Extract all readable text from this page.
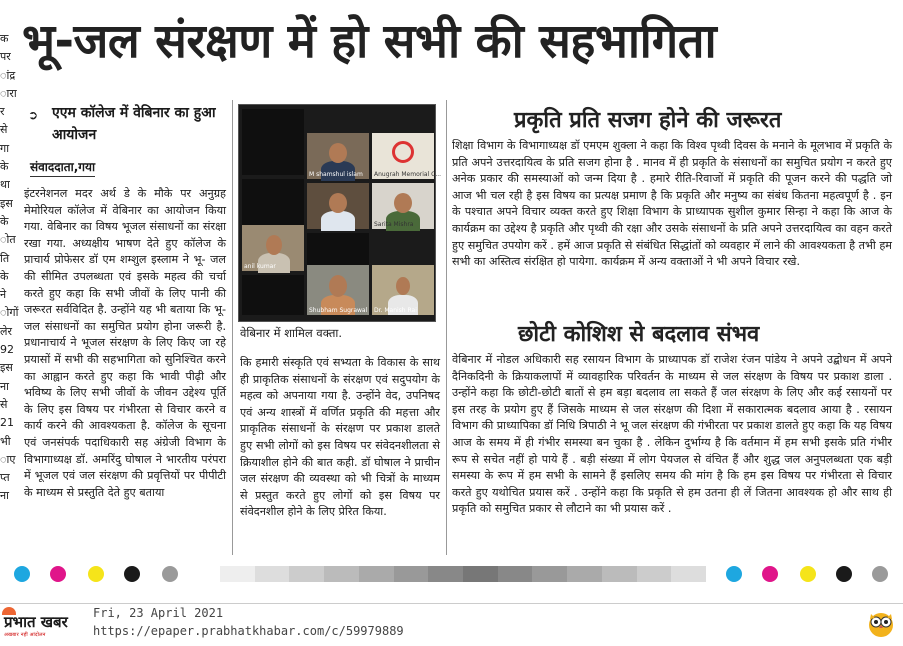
क
पर
ांद्र
ारा
र
से
गा
के
था
इस
के
ोत
ति
के
ने
ोगों
लेर
92
इस
ना
से
21
भी
ाए
प्त
ना
भू-जल संरक्षण में हो सभी की सहभागिता
➲ एएम कॉलेज में वेबिनार का हुआ आयोजन
संवाददाता,गया
इंटरनेशनल मदर अर्थ डे के मौके पर अनुग्रह मेमोरियल कॉलेज में वेबिनार का आयोजन किया गया. वेबिनार का विषय भूजल संसाधनों का संरक्षा रखा गया. अध्यक्षीय भाषण देते हुए कॉलेज के प्राचार्य प्रोफेसर डॉ एम शम्शुल इस्लाम ने भू- जल की सीमित उपलब्धता एवं इसके महत्व की चर्चा करते हुए कहा कि सभी जीवों के लिए पानी की जरूरत सर्वविदित है. उन्होंने यह भी बताया कि भू-जल संसाधनों का समुचित प्रयोग होना जरूरी है. प्रधानाचार्य ने भूजल संरक्षण के लिए किए जा रहे प्रयासों में सभी की सहभागिता को सुनिश्चित करने का आह्वान करते हुए कहा कि भावी पीढ़ी और भविष्य के लिए सभी जीवों के जीवन उद्देश्य पूर्ति के लिए इस विषय पर गंभीरता से विचार करने व कार्य करने की आवश्यकता है. कॉलेज के सूचना एवं जनसंपर्क पदाधिकारी सह अंग्रेजी विभाग के विभागाध्यक्ष डॉ. अमरिंदु घोषाल ने भारतीय परंपरा में भूजल एवं जल संरक्षण की प्रवृत्तियों पर पीपीटी के माध्यम से प्रस्तुति देते हुए बताया
M shamshul islam Anugrah Memorial C...
anil kumar
Sarita Mishra
Shubham Sugrawal Dr. Manish Rai
वेबिनार में शामिल वक्ता.
कि हमारी संस्कृति एवं सभ्यता के विकास के साथ ही प्राकृतिक संसाधनों के संरक्षण एवं सदुपयोग के महत्व को अपनाया गया है. उन्होंने वेद, उपनिषद एवं अन्य शास्त्रों में वर्णित प्रकृति की महत्ता और प्राकृतिक संसाधनों के संरक्षण पर प्रकाश डालते हुए सभी लोगों को इस विषय पर संवेदनशीलता से क्रियाशील होने की बात कही. डॉ घोषाल ने प्राचीन जल संरक्षण की व्यवस्था को भी चित्रों के माध्यम से प्रस्तुत करते हुए लोगों को इस विषय पर संवेदनशील होने के लिए प्रेरित किया.
प्रकृति प्रति सजग होने की जरूरत
शिक्षा विभाग के विभागाध्यक्ष डॉ एमएम शुक्ला ने कहा कि विश्व पृथ्वी दिवस के मनाने के मूलभाव में प्रकृति के प्रति अपने उत्तरदायित्व के प्रति सजग होना है . मानव में ही प्रकृति के संसाधनों का समुचित प्रयोग न करते हुए अनेक प्रकार की समस्याओं को जन्म दिया है . हमारे रीति-रिवाजों में प्रकृति की पूजन करने की पद्धति जो आज भी चल रही है इस विषय का प्रत्यक्ष प्रमाण है कि प्रकृति और मनुष्य का संबंध कितना महत्वपूर्ण है . इन के पश्चात अपने विचार व्यक्त करते हुए शिक्षा विभाग के प्राध्यापक सुशील कुमार सिन्हा ने कहा कि आज के कार्यक्रम का उद्देश्य है प्रकृति और पृथ्वी की रक्षा और उसके संसाधनों के प्रति अपने उत्तरदायित्व का वहन करते हुए समुचित उपयोग करें . हमें आज प्रकृति से संबंधित सिद्धांतों को व्यवहार में लाने की आवश्यकता है तभी हम सभी का अस्तित्व संरक्षित हो पायेगा. कार्यक्रम में अन्य वक्ताओं ने भी अपने विचार रखे.
छोटी कोशिश से बदलाव संभव
वेबिनार में नोडल अधिकारी सह रसायन विभाग के प्राध्यापक डॉ राजेश रंजन पांडेय ने अपने उद्बोधन में अपने दैनिकदिनी के क्रियाकलापों में व्यावहारिक परिवर्तन के माध्यम से जल संरक्षण के विषय पर प्रकाश डाला . उन्होंने कहा कि छोटी-छोटी बातों से हम बड़ा बदलाव ला सकते हैं जल संरक्षण के लिए और कई रसायनों पर इस तरह के प्रयोग हुए हैं जिसके माध्यम से जल संरक्षण की दिशा में सकारात्मक बदलाव आया है . रसायन विभाग की प्राध्यापिका डॉ निधि त्रिपाठी ने भू जल संरक्षण की गंभीरता पर प्रकाश डालते हुए कहा कि यह विषय आज के समय में ही गंभीर समस्या बन चुका है . लेकिन दुर्भाग्य है कि वर्तमान में हम सभी इसके प्रति गंभीर रूप से सचेत नहीं हो पाये हैं . बड़ी संख्या में लोग पेयजल से वंचित हैं और शुद्ध जल अनुपलब्धता एक बड़ी समस्या के रूप में हम सभी के सामने हैं इसलिए समय की मांग है कि हम इस विषय पर गंभीरता से विचार करते हुए यथोचित प्रयास करें . उन्होंने कहा कि प्रकृति से हम उतना ही लें जितना आवश्यक हो और साथ ही प्रकृति को समुचित प्रकार से लौटाने का भी प्रयास करें .
प्रभात खबर
अखबार नहीं आंदोलन
Fri, 23 April 2021
https://epaper.prabhatkhabar.com/c/59979889
